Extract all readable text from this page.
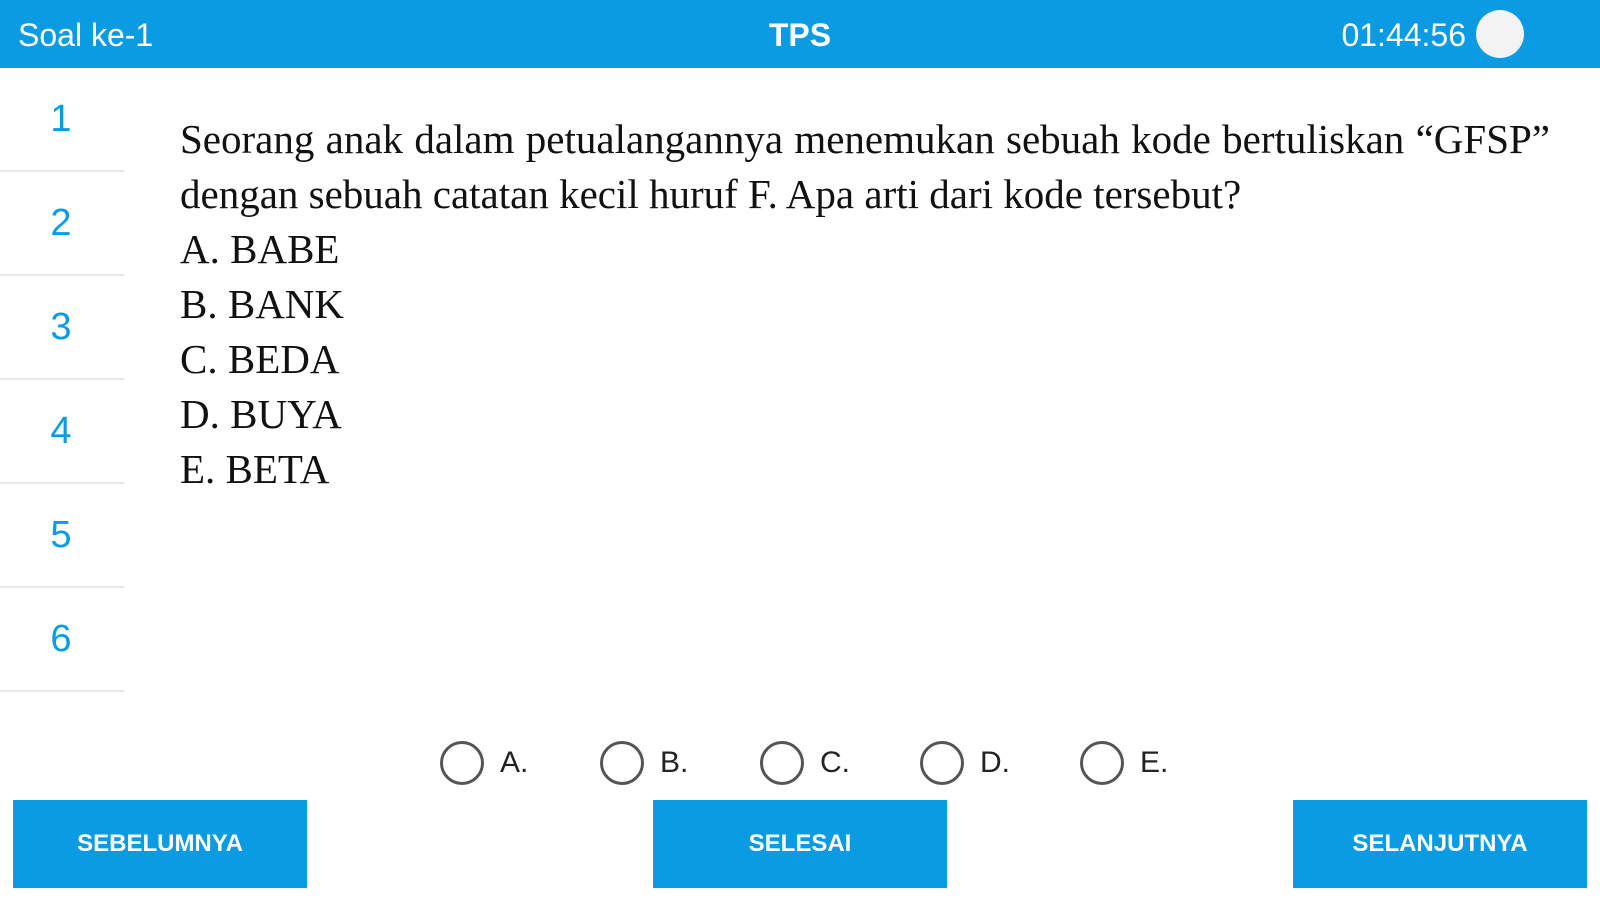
Soal ke-1	TPS	01:44:56
1
2
3
4
5
6
Seorang anak dalam petualangannya menemukan sebuah kode bertuliskan “GFSP” dengan sebuah catatan kecil huruf F. Apa arti dari kode tersebut?
A. BABE
B. BANK
C. BEDA
D. BUYA
E. BETA
A.	B.	C.	D.	E.
SEBELUMNYA	SELESAI	SELANJUTNYA
